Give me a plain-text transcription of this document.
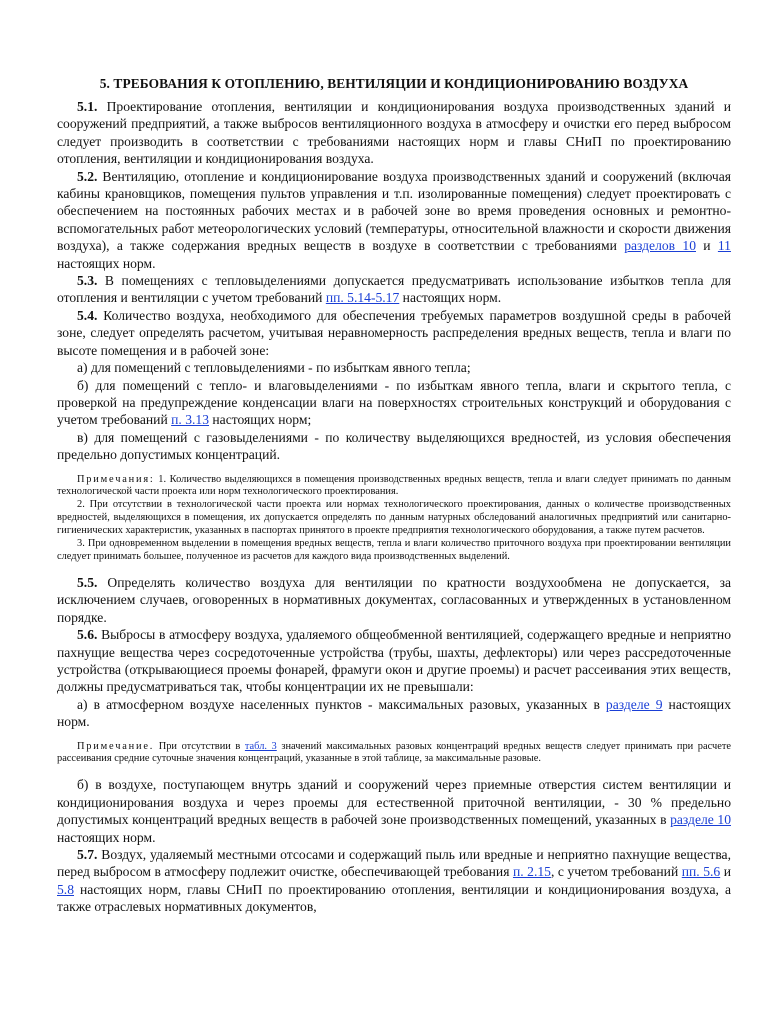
5. ТРЕБОВАНИЯ К ОТОПЛЕНИЮ, ВЕНТИЛЯЦИИ И КОНДИЦИОНИРОВАНИЮ ВОЗДУХА

5.1. Проектирование отопления, вентиляции и кондиционирования воздуха производственных зданий и сооружений предприятий, а также выбросов вентиляционного воздуха в атмосферу и очистки его перед выбросом следует производить в соответствии с требованиями настоящих норм и главы СНиП по проектированию отопления, вентиляции и кондиционирования воздуха.

5.2. Вентиляцию, отопление и кондиционирование воздуха производственных зданий и сооружений (включая кабины крановщиков, помещения пультов управления и т.п. изолированные помещения) следует проектировать с обеспечением на постоянных рабочих местах и в рабочей зоне во время проведения основных и ремонтно-вспомогательных работ метеорологических условий (температуры, относительной влажности и скорости движения воздуха), а также содержания вредных веществ в воздухе в соответствии с требованиями разделов 10 и 11 настоящих норм.

5.3. В помещениях с тепловыделениями допускается предусматривать использование избытков тепла для отопления и вентиляции с учетом требований пп. 5.14-5.17 настоящих норм.

5.4. Количество воздуха, необходимого для обеспечения требуемых параметров воздушной среды в рабочей зоне, следует определять расчетом, учитывая неравномерность распределения вредных веществ, тепла и влаги по высоте помещения и в рабочей зоне:

а) для помещений с тепловыделениями - по избыткам явного тепла;

б) для помещений с тепло- и влаговыделениями - по избыткам явного тепла, влаги и скрытого тепла, с проверкой на предупреждение конденсации влаги на поверхностях строительных конструкций и оборудования с учетом требований п. 3.13 настоящих норм;

в) для помещений с газовыделениями - по количеству выделяющихся вредностей, из условия обеспечения предельно допустимых концентраций.

Примечания: 1. Количество выделяющихся в помещения производственных вредных веществ, тепла и влаги следует принимать по данным технологической части проекта или норм технологического проектирования.

2. При отсутствии в технологической части проекта или нормах технологического проектирования, данных о количестве производственных вредностей, выделяющихся в помещения, их допускается определять по данным натурных обследований аналогичных предприятий или санитарно-гигиенических характеристик, указанных в паспортах принятого в проекте предприятия технологического оборудования, а также путем расчетов.

3. При одновременном выделении в помещения вредных веществ, тепла и влаги количество приточного воздуха при проектировании вентиляции следует принимать большее, полученное из расчетов для каждого вида производственных выделений.

5.5. Определять количество воздуха для вентиляции по кратности воздухообмена не допускается, за исключением случаев, оговоренных в нормативных документах, согласованных и утвержденных в установленном порядке.

5.6. Выбросы в атмосферу воздуха, удаляемого общеобменной вентиляцией, содержащего вредные и неприятно пахнущие вещества через сосредоточенные устройства (трубы, шахты, дефлекторы) или через рассредоточенные устройства (открывающиеся проемы фонарей, фрамуги окон и другие проемы) и расчет рассеивания этих веществ, должны предусматриваться так, чтобы концентрации их не превышали:

а) в атмосферном воздухе населенных пунктов - максимальных разовых, указанных в разделе 9 настоящих норм.

Примечание. При отсутствии в табл. 3 значений максимальных разовых концентраций вредных веществ следует принимать при расчете рассеивания средние суточные значения концентраций, указанные в этой таблице, за максимальные разовые.

б) в воздухе, поступающем внутрь зданий и сооружений через приемные отверстия систем вентиляции и кондиционирования воздуха и через проемы для естественной приточной вентиляции, - 30 % предельно допустимых концентраций вредных веществ в рабочей зоне производственных помещений, указанных в разделе 10 настоящих норм.

5.7. Воздух, удаляемый местными отсосами и содержащий пыль или вредные и неприятно пахнущие вещества, перед выбросом в атмосферу подлежит очистке, обеспечивающей требования п. 2.15, с учетом требований пп. 5.6 и 5.8 настоящих норм, главы СНиП по проектированию отопления, вентиляции и кондиционирования воздуха, а также отраслевых нормативных документов,
